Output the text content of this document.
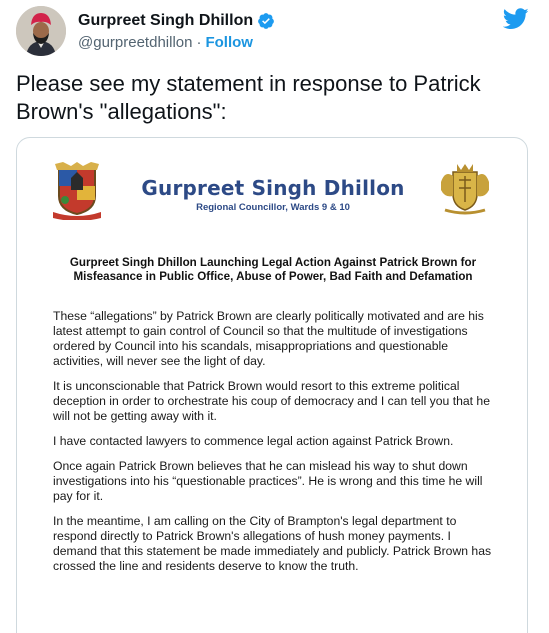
Gurpreet Singh Dhillon
@gurpreetdhillon · Follow
Please see my statement in response to Patrick Brown's "allegations":
Gurpreet Singh Dhillon
Regional Councillor, Wards 9 & 10
Gurpreet Singh Dhillon Launching Legal Action Against Patrick Brown for Misfeasance in Public Office, Abuse of Power, Bad Faith and Defamation

These “allegations” by Patrick Brown are clearly politically motivated and are his latest attempt to gain control of Council so that the multitude of investigations ordered by Council into his scandals, misappropriations and questionable activities, will never see the light of day.

It is unconscionable that Patrick Brown would resort to this extreme political deception in order to orchestrate his coup of democracy and I can tell you that he will not be getting away with it.

I have contacted lawyers to commence legal action against Patrick Brown.

Once again Patrick Brown believes that he can mislead his way to shut down investigations into his “questionable practices”. He is wrong and this time he will pay for it.

In the meantime, I am calling on the City of Brampton's legal department to respond directly to Patrick Brown's allegations of hush money payments. I demand that this statement be made immediately and publicly. Patrick Brown has crossed the line and residents deserve to know the truth.
